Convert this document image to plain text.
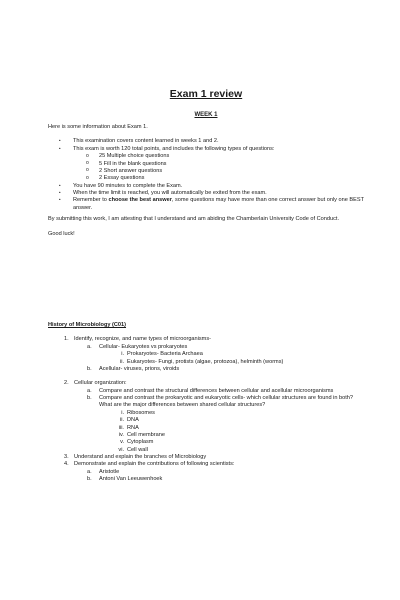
Exam 1 review
WEEK 1

Here is some information about Exam 1.

• This examination covers content learned in weeks 1 and 2.
• This exam is worth 120 total points, and includes the following types of questions:
o 25 Multiple choice questions
o 5 Fill in the blank questions
o 2 Short answer questions
o 2 Essay questions
• You have 90 minutes to complete the Exam.
• When the time limit is reached, you will automatically be exited from the exam.
• Remember to choose the best answer, some questions may have more than one correct answer but only one BEST answer.

By submitting this work, I am attesting that I understand and am abiding the Chamberlain University Code of Conduct.

Good luck!

History of Microbiology (C01)

1. Identify, recognize, and name types of microorganisms-
a. Cellular- Eukaryotes vs prokaryotes
i. Prokaryotes- Bacteria Archaea
ii. Eukaryotes- Fungi, protists (algae, protozoa), helminth (worms)
b. Acellular- viruses, prions, viroids
2. Cellular organization:
a. Compare and contrast the structural differences between cellular and acellular microorganisms
b. Compare and contrast the prokaryotic and eukaryotic cells- which cellular structures are found in both? What are the major differences between shared cellular structures?
i. Ribosomes
ii. DNA
iii. RNA
iv. Cell membrane
v. Cytoplasm
vi. Cell wall
3. Understand and explain the branches of Microbiology
4. Demonstrate and explain the contributions of following scientists:
a. Aristotle
b. Antoni Van Leeuwenhoek
